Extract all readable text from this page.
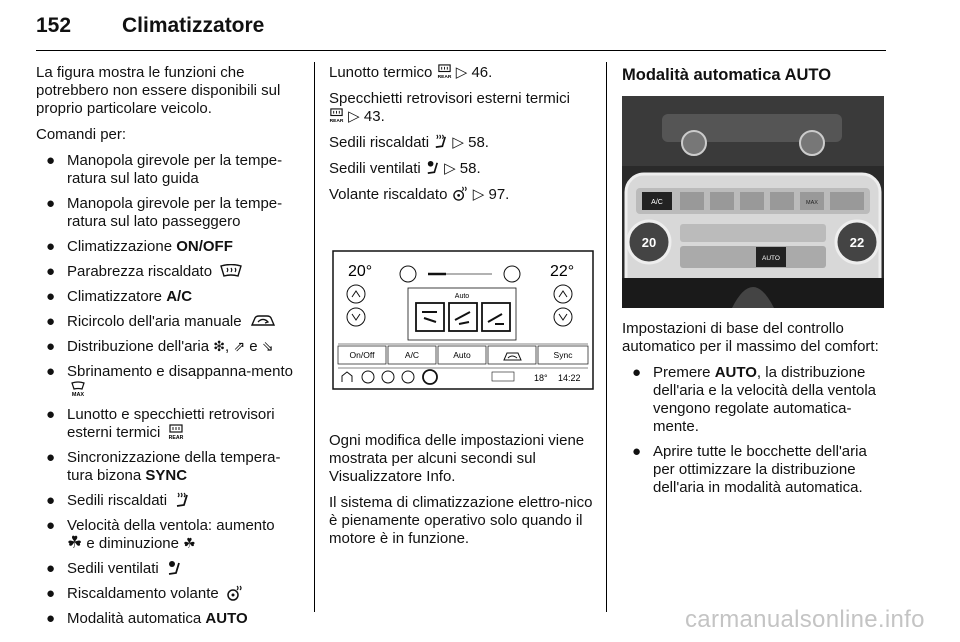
152 Climatizzatore

La figura mostra le funzioni che potrebbero non essere disponibili sul proprio particolare veicolo.

Comandi per:

● Manopola girevole per la tempe-ratura sul lato guida
● Manopola girevole per la tempe-ratura sul lato passeggero
● Climatizzazione ON/OFF
● Parabrezza riscaldato
● Climatizzatore A/C
● Ricircolo dell'aria manuale
● Distribuzione dell'aria ❇, ⇗ e ⇘
● Sbrinamento e disappanna-mento
MAX
● Lunotto e specchietti retrovisori esterni termici REAR
● Sincronizzazione della tempera-tura bizona SYNC
● Sedili riscaldati
● Velocità della ventola: aumento
☘ e diminuzione ☘
● Sedili ventilati
● Riscaldamento volante
● Modalità automatica AUTO

Lunotto termico REAR ▷ 46.

Specchietti retrovisori esterni termici

REAR ▷ 43.

Sedili riscaldati ▷ 58.

Sedili ventilati ▷ 58.

Volante riscaldato ▷ 97.

20°	22°
Auto
On/Off	A/C	Auto	Sync
18° 14:22

Ogni modifica delle impostazioni viene mostrata per alcuni secondi sul Visualizzatore Info.

Il sistema di climatizzazione elettro-nico è pienamente operativo solo quando il motore è in funzione.

Modalità automatica AUTO
A/C	MAX
20	22
AUTO

Impostazioni di base del controllo automatico per il massimo del comfort:

● Premere AUTO, la distribuzione dell'aria e la velocità della ventola vengono regolate automatica-mente.
● Aprire tutte le bocchette dell'aria per ottimizzare la distribuzione dell'aria in modalità automatica.
carmanualsonline.info
